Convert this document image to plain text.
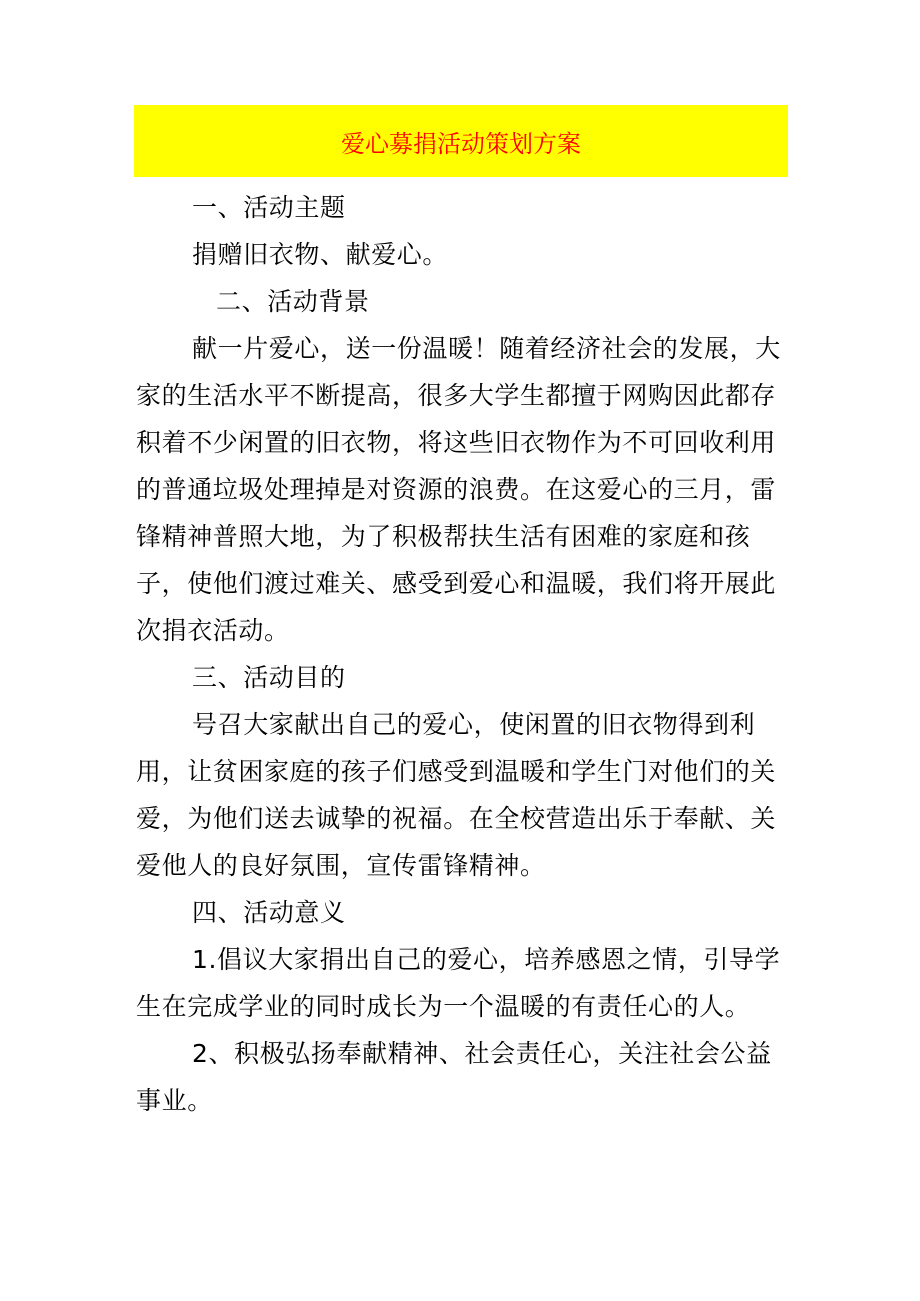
爱心募捐活动策划方案

一、活动主题

捐赠旧衣物、献爱心。

二、活动背景

献一片爱心，送一份温暖！随着经济社会的发展，大家的生活水平不断提高，很多大学生都擅于网购因此都存积着不少闲置的旧衣物，将这些旧衣物作为不可回收利用的普通垃圾处理掉是对资源的浪费。在这爱心的三月，雷锋精神普照大地，为了积极帮扶生活有困难的家庭和孩子，使他们渡过难关、感受到爱心和温暖，我们将开展此次捐衣活动。

三、活动目的

号召大家献出自己的爱心，使闲置的旧衣物得到利用，让贫困家庭的孩子们感受到温暖和学生门对他们的关爱，为他们送去诚挚的祝福。在全校营造出乐于奉献、关爱他人的良好氛围，宣传雷锋精神。

四、活动意义

1.倡议大家捐出自己的爱心，培养感恩之情，引导学生在完成学业的同时成长为一个温暖的有责任心的人。

2、积极弘扬奉献精神、社会责任心，关注社会公益事业。
